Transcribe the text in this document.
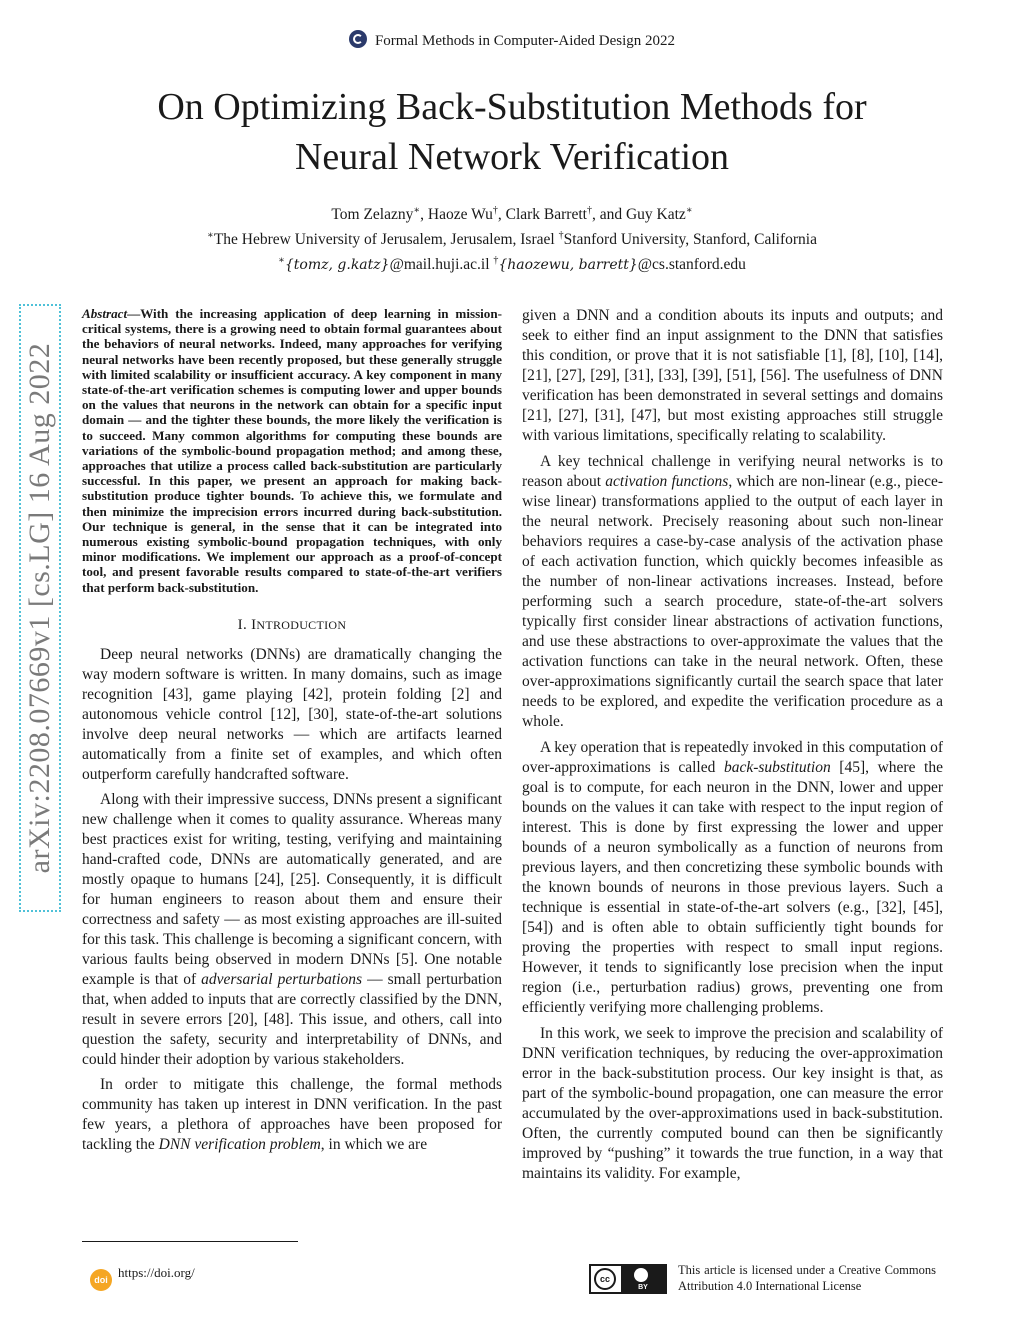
Formal Methods in Computer-Aided Design 2022
On Optimizing Back-Substitution Methods for
Neural Network Verification
Tom Zelazny∗, Haoze Wu†, Clark Barrett†, and Guy Katz∗
∗The Hebrew University of Jerusalem, Jerusalem, Israel †Stanford University, Stanford, California
∗{tomz, g.katz}@mail.huji.ac.il †{haozewu, barrett}@cs.stanford.edu
arXiv:2208.07669v1 [cs.LG] 16 Aug 2022
Abstract—With the increasing application of deep learning in mission-critical systems, there is a growing need to obtain formal guarantees about the behaviors of neural networks. Indeed, many approaches for verifying neural networks have been recently proposed, but these generally struggle with limited scalability or insufficient accuracy. A key component in many state-of-the-art verification schemes is computing lower and upper bounds on the values that neurons in the network can obtain for a specific input domain — and the tighter these bounds, the more likely the verification is to succeed. Many common algorithms for computing these bounds are variations of the symbolic-bound propagation method; and among these, approaches that utilize a process called back-substitution are particularly successful. In this paper, we present an approach for making back-substitution produce tighter bounds. To achieve this, we formulate and then minimize the imprecision errors incurred during back-substitution. Our technique is general, in the sense that it can be integrated into numerous existing symbolic-bound propagation techniques, with only minor modifications. We implement our approach as a proof-of-concept tool, and present favorable results compared to state-of-the-art verifiers that perform back-substitution.
I. INTRODUCTION

Deep neural networks (DNNs) are dramatically changing the way modern software is written. In many domains, such as image recognition [43], game playing [42], protein folding [2] and autonomous vehicle control [12], [30], state-of-the-art solutions involve deep neural networks — which are artifacts learned automatically from a finite set of examples, and which often outperform carefully handcrafted software.

Along with their impressive success, DNNs present a significant new challenge when it comes to quality assurance. Whereas many best practices exist for writing, testing, verifying and maintaining hand-crafted code, DNNs are automatically generated, and are mostly opaque to humans [24], [25]. Consequently, it is difficult for human engineers to reason about them and ensure their correctness and safety — as most existing approaches are ill-suited for this task. This challenge is becoming a significant concern, with various faults being observed in modern DNNs [5]. One notable example is that of adversarial perturbations — small perturbation that, when added to inputs that are correctly classified by the DNN, result in severe errors [20], [48]. This issue, and others, call into question the safety, security and interpretability of DNNs, and could hinder their adoption by various stakeholders.

In order to mitigate this challenge, the formal methods community has taken up interest in DNN verification. In the past few years, a plethora of approaches have been proposed for tackling the DNN verification problem, in which we are

given a DNN and a condition abouts its inputs and outputs; and seek to either find an input assignment to the DNN that satisfies this condition, or prove that it is not satisfiable [1], [8], [10], [14], [21], [27], [29], [31], [33], [39], [51], [56]. The usefulness of DNN verification has been demonstrated in several settings and domains [21], [27], [31], [47], but most existing approaches still struggle with various limitations, specifically relating to scalability.

A key technical challenge in verifying neural networks is to reason about activation functions, which are non-linear (e.g., piece-wise linear) transformations applied to the output of each layer in the neural network. Precisely reasoning about such non-linear behaviors requires a case-by-case analysis of the activation phase of each activation function, which quickly becomes infeasible as the number of non-linear activations increases. Instead, before performing such a search procedure, state-of-the-art solvers typically first consider linear abstractions of activation functions, and use these abstractions to over-approximate the values that the activation functions can take in the neural network. Often, these over-approximations significantly curtail the search space that later needs to be explored, and expedite the verification procedure as a whole.

A key operation that is repeatedly invoked in this computation of over-approximations is called back-substitution [45], where the goal is to compute, for each neuron in the DNN, lower and upper bounds on the values it can take with respect to the input region of interest. This is done by first expressing the lower and upper bounds of a neuron symbolically as a function of neurons from previous layers, and then concretizing these symbolic bounds with the known bounds of neurons in those previous layers. Such a technique is essential in state-of-the-art solvers (e.g., [32], [45], [54]) and is often able to obtain sufficiently tight bounds for proving the properties with respect to small input regions. However, it tends to significantly lose precision when the input region (i.e., perturbation radius) grows, preventing one from efficiently verifying more challenging problems.

In this work, we seek to improve the precision and scalability of DNN verification techniques, by reducing the over-approximation error in the back-substitution process. Our key insight is that, as part of the symbolic-bound propagation, one can measure the error accumulated by the over-approximations used in back-substitution. Often, the currently computed bound can then be significantly improved by “pushing” it towards the true function, in a way that maintains its validity. For example,

doi https://doi.org/	cc
BY
This article is licensed under a Creative Commons Attribution 4.0 International License
